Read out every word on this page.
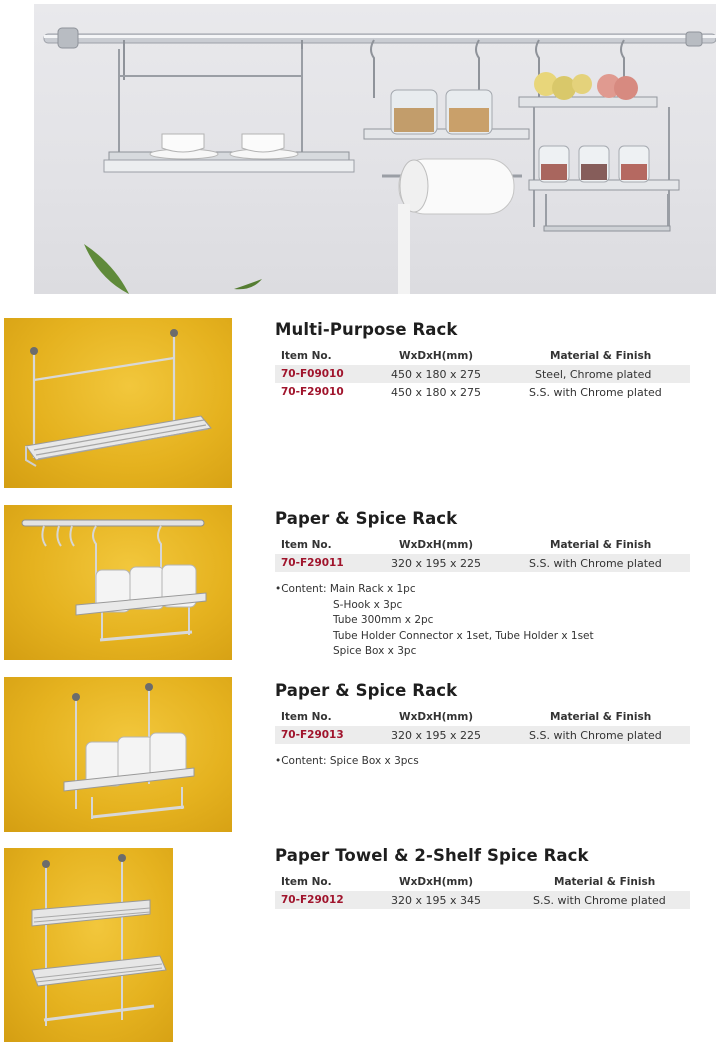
Multi-Purpose Rack
Item No.	WxDxH(mm)	Material & Finish
70-F09010	450 x 180 x 275	Steel, Chrome plated
70-F29010	450 x 180 x 275	S.S. with Chrome plated
Paper & Spice Rack
Item No.	WxDxH(mm)	Material & Finish
70-F29011	320 x 195 x 225	S.S. with Chrome plated
•Content: Main Rack x 1pc
S-Hook x 3pc
Tube 300mm x 2pc
Tube Holder Connector x 1set, Tube Holder x 1set
Spice Box x 3pc
Paper & Spice Rack
Item No.	WxDxH(mm)	Material & Finish
70-F29013	320 x 195 x 225	S.S. with Chrome plated
•Content: Spice Box x 3pcs
Paper Towel & 2-Shelf Spice Rack
Item No.	WxDxH(mm)	Material & Finish
70-F29012	320 x 195 x 345	S.S. with Chrome plated
